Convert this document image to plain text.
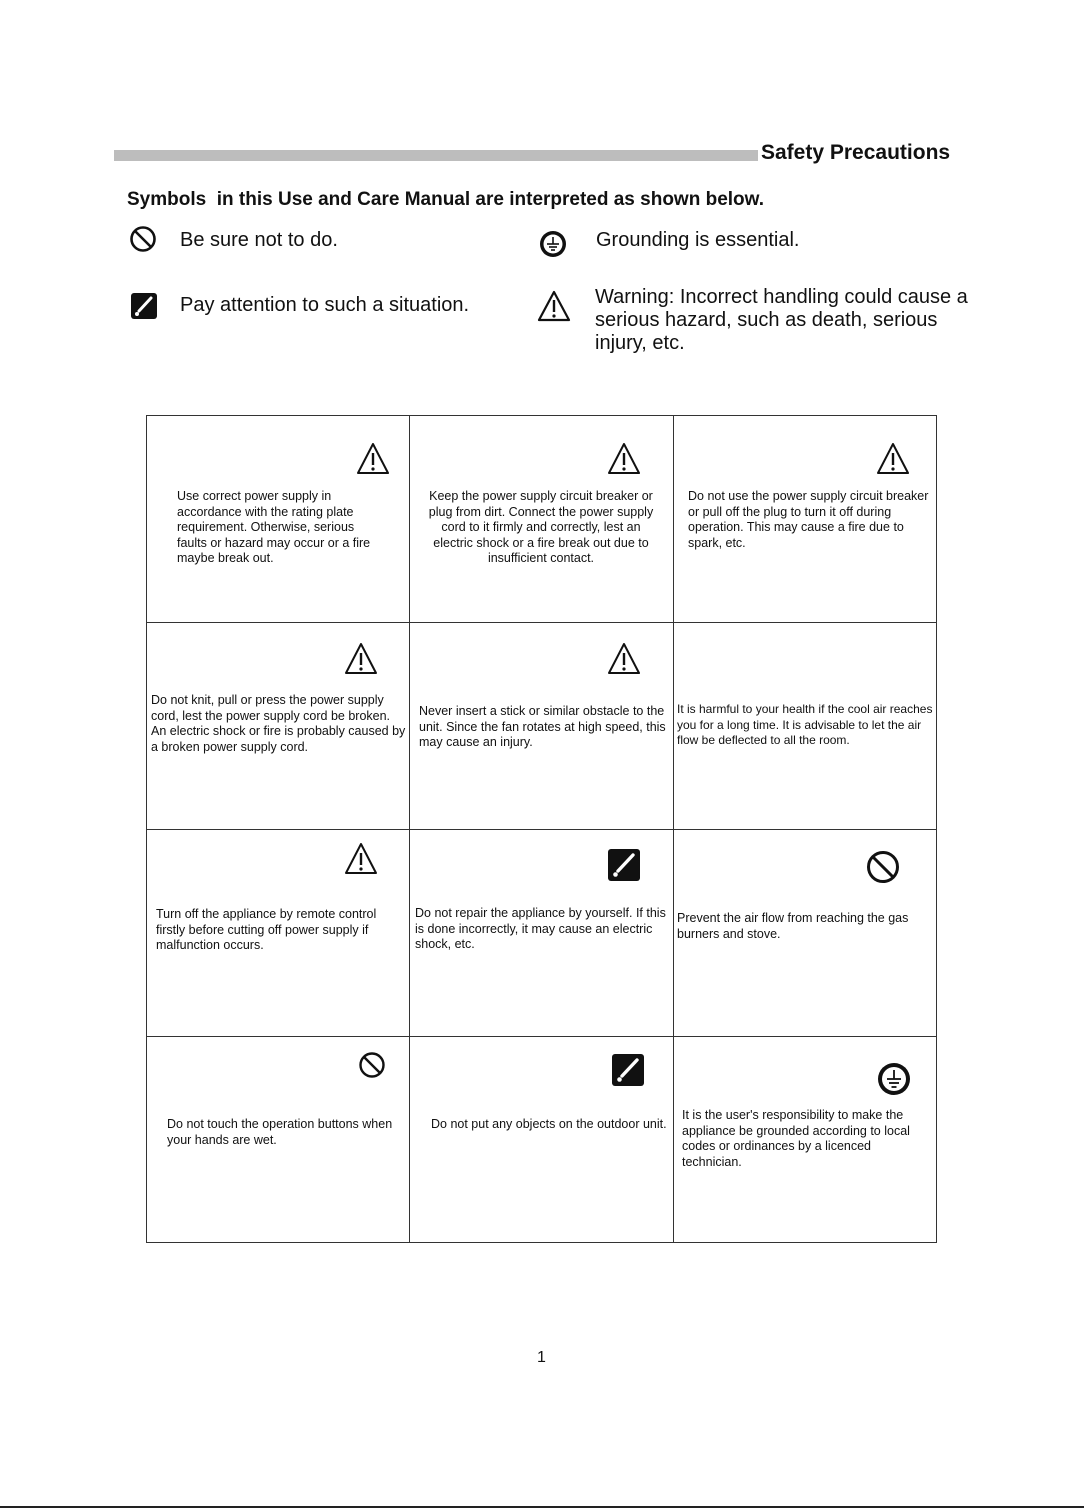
Safety Precautions
Symbols  in this Use and Care Manual are interpreted as shown below.
Be sure not to do.	Grounding is essential.
Pay attention to such a situation.	Warning: Incorrect handling could cause a serious hazard, such as death, serious injury, etc.
Use correct power supply in accordance with the rating plate requirement. Otherwise, serious faults or hazard may occur or a fire maybe break out.
Keep the power supply circuit breaker or plug from dirt. Connect the power supply cord to it firmly and correctly, lest an electric shock or a fire break out due to insufficient contact.
Do not use the power supply circuit breaker or pull off the plug to turn it off during operation. This may cause a fire due to spark, etc.
Do not knit, pull or press the power supply cord, lest the power supply cord be broken. An electric shock or fire is probably caused by a broken power supply cord.
Never insert a stick or similar obstacle to the unit. Since the fan rotates at high speed, this may cause an injury.
It is harmful to your health if the cool air reaches you for a long time. It is advisable to let the air flow be deflected to all the room.
Turn off the appliance by remote control firstly before cutting off power supply if malfunction occurs.
Do not repair the appliance by yourself. If this is done incorrectly, it may cause an electric shock, etc.
Prevent the air flow from reaching the gas burners and stove.
Do not touch the operation buttons when your hands are wet.
Do not put any objects on the outdoor unit.
It is the user's responsibility to make the appliance be grounded according to local codes or ordinances by a licenced technician.
1
